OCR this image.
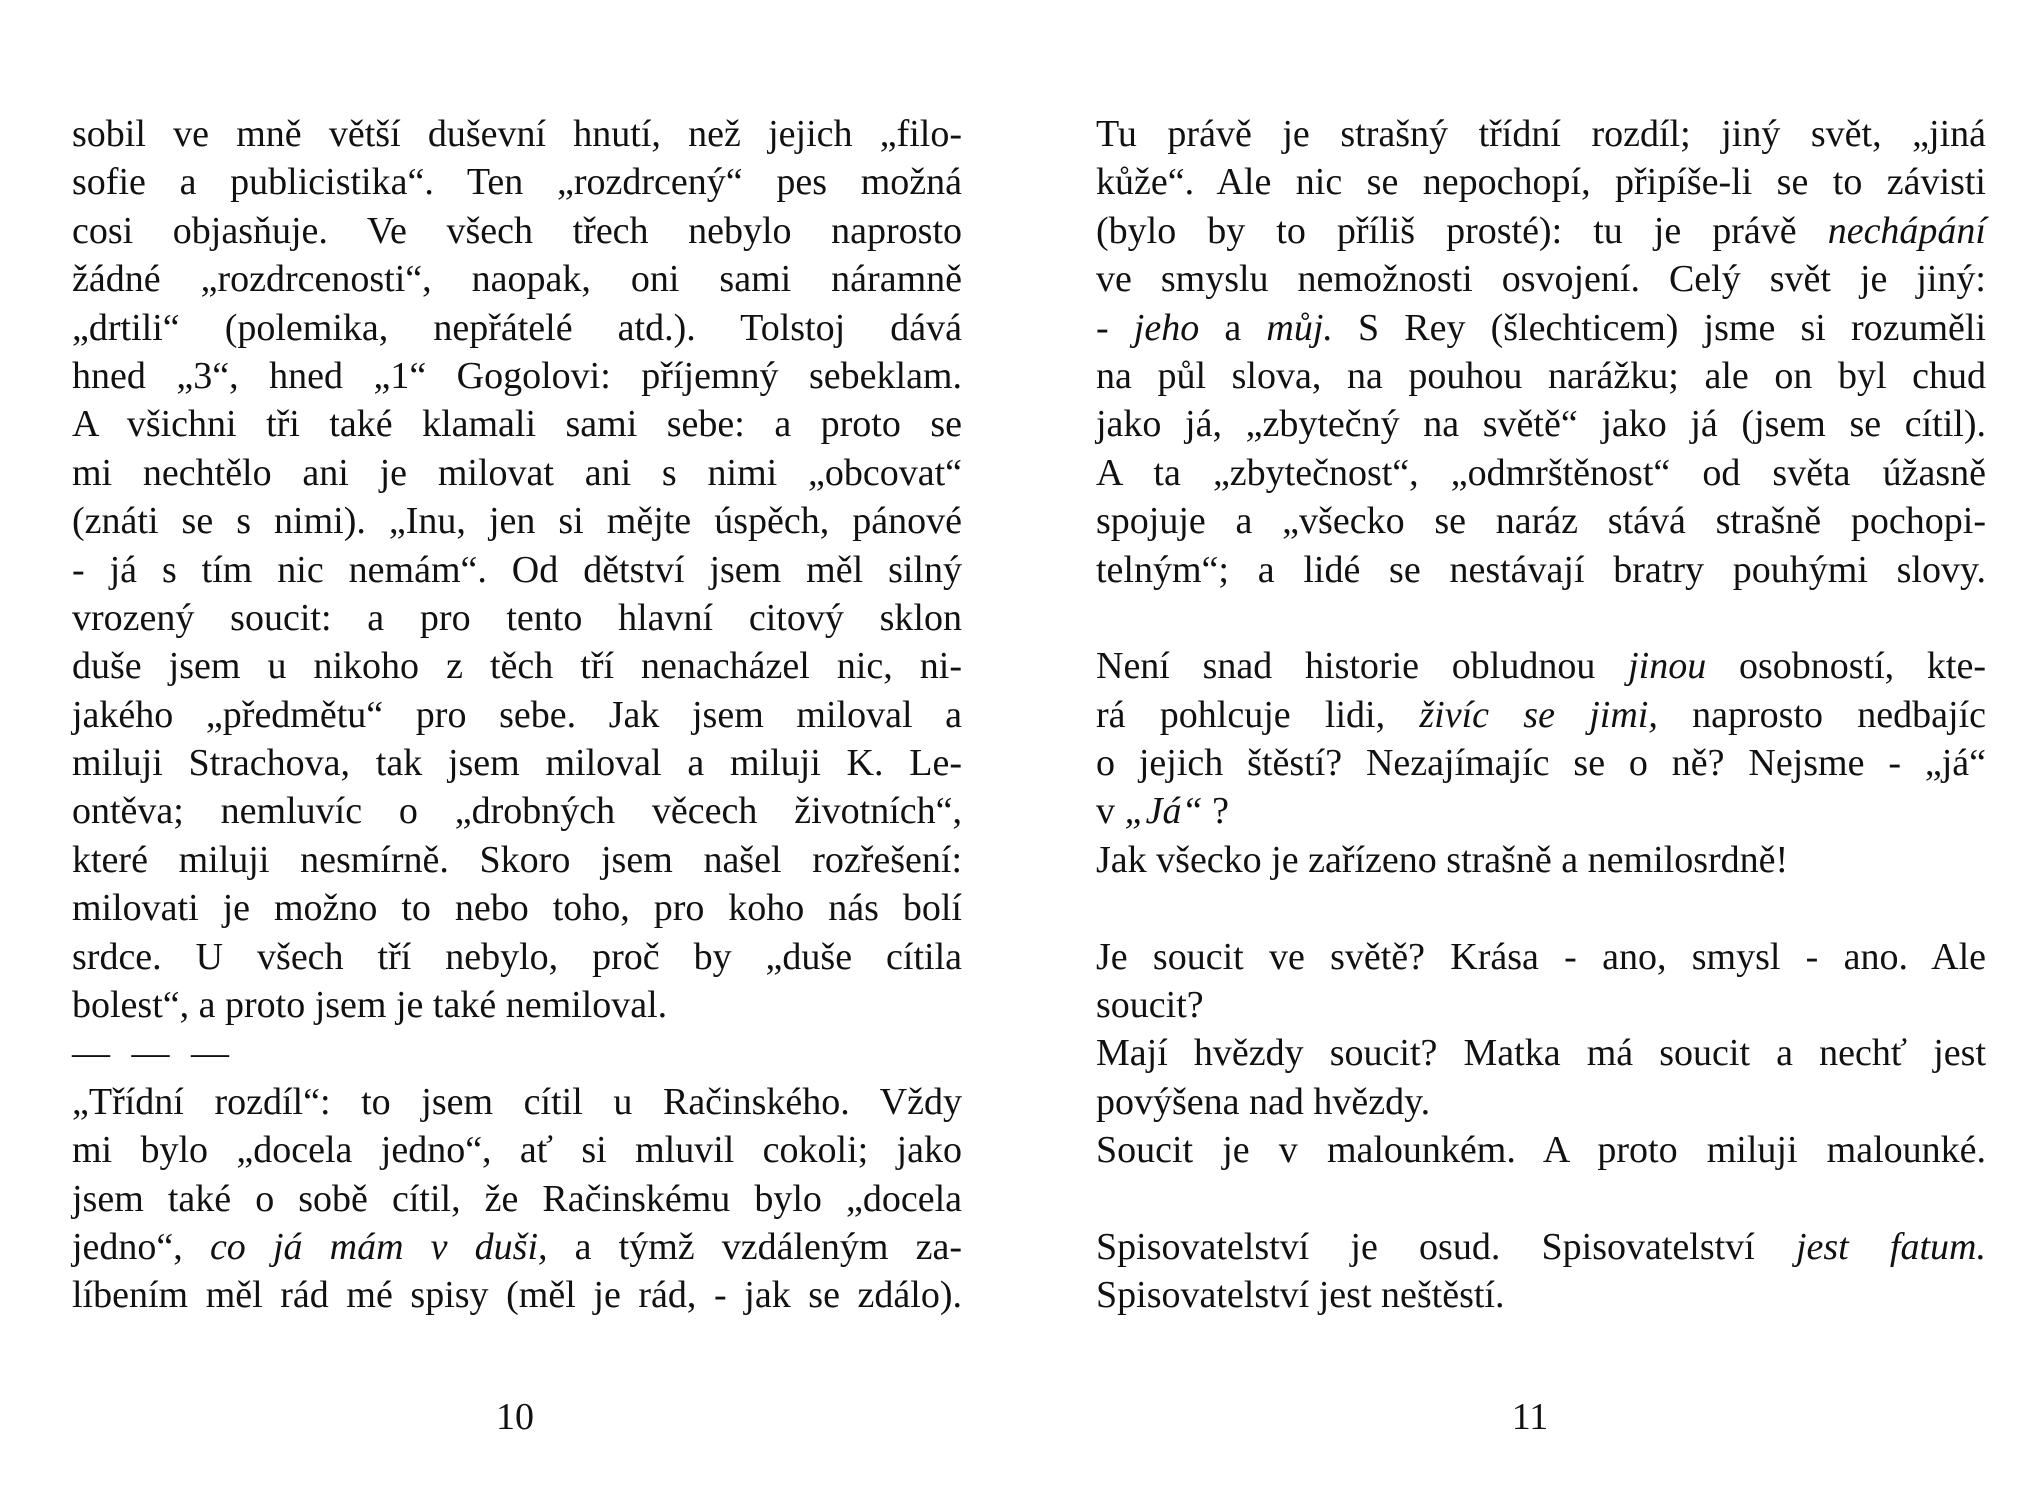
sobil ve mně větší duševní hnutí, než jejich „filo-
sofie a publicistika“. Ten „rozdrcený“ pes možná
cosi objasňuje. Ve všech třech nebylo naprosto
žádné „rozdrcenosti“, naopak, oni sami náramně
„drtili“ (polemika, nepřátelé atd.). Tolstoj dává
hned „3“, hned „1“ Gogolovi: příjemný sebeklam.
A všichni tři také klamali sami sebe: a proto se
mi nechtělo ani je milovat ani s nimi „obcovat“
(znáti se s nimi). „Inu, jen si mějte úspěch, pánové
- já s tím nic nemám“. Od dětství jsem měl silný
vrozený soucit: a pro tento hlavní citový sklon
duše jsem u nikoho z těch tří nenacházel nic, ni-
jakého „předmětu“ pro sebe. Jak jsem miloval a
miluji Strachova, tak jsem miloval a miluji K. Le-
ontěva; nemluvíc o „drobných věcech životních“,
které miluji nesmírně. Skoro jsem našel rozřešení:
milovati je možno to nebo toho, pro koho nás bolí
srdce. U všech tří nebylo, proč by „duše cítila
bolest“, a proto jsem je také nemiloval.
— — —
„Třídní rozdíl“: to jsem cítil u Račinského. Vždy
mi bylo „docela jedno“, ať si mluvil cokoli; jako
jsem také o sobě cítil, že Račinskému bylo „docela
jedno“, co já mám v duši, a týmž vzdáleným za-
líbením měl rád mé spisy (měl je rád, - jak se zdálo).
Tu právě je strašný třídní rozdíl; jiný svět, „jiná
kůže“. Ale nic se nepochopí, připíše-li se to závisti
(bylo by to příliš prosté): tu je právě nechápání
ve smyslu nemožnosti osvojení. Celý svět je jiný:
- jeho a můj. S Rey (šlechticem) jsme si rozuměli
na půl slova, na pouhou narážku; ale on byl chud
jako já, „zbytečný na světě“ jako já (jsem se cítil).
A ta „zbytečnost“, „odmrštěnost“ od světa úžasně
spojuje a „všecko se naráz stává strašně pochopi-
telným“; a lidé se nestávají bratry pouhými slovy.
Není snad historie obludnou jinou osobností, kte-
rá pohlcuje lidi, živíc se jimi, naprosto nedbajíc
o jejich štěstí? Nezajímajíc se o ně? Nejsme - „já“
v „Já“ ?
Jak všecko je zařízeno strašně a nemilosrdně!
Je soucit ve světě? Krása - ano, smysl - ano. Ale
soucit?
Mají hvězdy soucit? Matka má soucit a nechť jest
povýšena nad hvězdy.
Soucit je v malounkém. A proto miluji malounké.
Spisovatelství je osud. Spisovatelství jest fatum.
Spisovatelství jest neštěstí.
10	11
